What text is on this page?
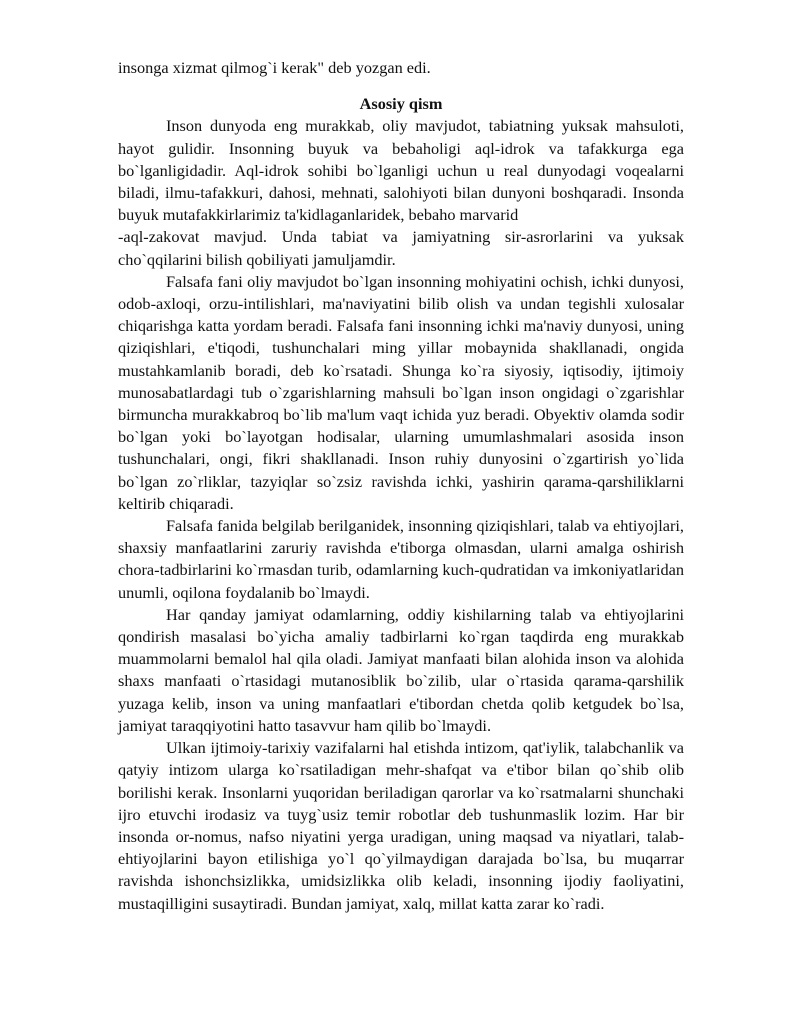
insonga xizmat qilmog`i kerak" deb yozgan edi.

Asosiy qism

Inson dunyoda eng murakkab, oliy mavjudot, tabiatning yuksak mahsuloti, hayot gulidir. Insonning buyuk va bebaholigi aql-idrok va tafakkurga ega bo`lganligidadir. Aql-idrok sohibi bo`lganligi uchun u real dunyodagi voqealarni biladi, ilmu-tafakkuri, dahosi, mehnati, salohiyoti bilan dunyoni boshqaradi. Insonda buyuk mutafakkirlarimiz ta'kidlaganlaridek, bebaho marvarid

-aql-zakovat mavjud. Unda tabiat va jamiyatning sir-asrorlarini va yuksak cho`qqilarini bilish qobiliyati jamuljamdir.

Falsafa fani oliy mavjudot bo`lgan insonning mohiyatini ochish, ichki dunyosi, odob-axloqi, orzu-intilishlari, ma'naviyatini bilib olish va undan tegishli xulosalar chiqarishga katta yordam beradi. Falsafa fani insonning ichki ma'naviy dunyosi, uning qiziqishlari, e'tiqodi, tushunchalari ming yillar mobaynida shakllanadi, ongida mustahkamlanib boradi, deb ko`rsatadi. Shunga ko`ra siyosiy, iqtisodiy, ijtimoiy munosabatlardagi tub o`zgarishlarning mahsuli bo`lgan inson ongidagi o`zgarishlar birmuncha murakkabroq bo`lib ma'lum vaqt ichida yuz beradi. Obyektiv olamda sodir bo`lgan yoki bo`layotgan hodisalar, ularning umumlashmalari asosida inson tushunchalari, ongi, fikri shakllanadi. Inson ruhiy dunyosini o`zgartirish yo`lida bo`lgan zo`rliklar, tazyiqlar so`zsiz ravishda ichki, yashirin qarama-qarshiliklarni keltirib chiqaradi.

Falsafa fanida belgilab berilganidek, insonning qiziqishlari, talab va ehtiyojlari, shaxsiy manfaatlarini zaruriy ravishda e'tiborga olmasdan, ularni amalga oshirish chora-tadbirlarini ko`rmasdan turib, odamlarning kuch-qudratidan va imkoniyatlaridan unumli, oqilona foydalanib bo`lmaydi.

Har qanday jamiyat odamlarning, oddiy kishilarning talab va ehtiyojlarini qondirish masalasi bo`yicha amaliy tadbirlarni ko`rgan taqdirda eng murakkab muammolarni bemalol hal qila oladi. Jamiyat manfaati bilan alohida inson va alohida shaxs manfaati o`rtasidagi mutanosiblik bo`zilib, ular o`rtasida qarama-qarshilik yuzaga kelib, inson va uning manfaatlari e'tibordan chetda qolib ketgudek bo`lsa, jamiyat taraqqiyotini hatto tasavvur ham qilib bo`lmaydi.

Ulkan ijtimoiy-tarixiy vazifalarni hal etishda intizom, qat'iylik, talabchanlik va qatyiy intizom ularga ko`rsatiladigan mehr-shafqat va e'tibor bilan qo`shib olib borilishi kerak. Insonlarni yuqoridan beriladigan qarorlar va ko`rsatmalarni shunchaki ijro etuvchi irodasiz va tuyg`usiz temir robotlar deb tushunmaslik lozim. Har bir insonda or-nomus, nafso niyatini yerga uradigan, uning maqsad va niyatlari, talab-ehtiyojlarini bayon etilishiga yo`l qo`yilmaydigan darajada bo`lsa, bu muqarrar ravishda ishonchsizlikka, umidsizlikka olib keladi, insonning ijodiy faoliyatini, mustaqilligini susaytiradi. Bundan jamiyat, xalq, millat katta zarar ko`radi.
